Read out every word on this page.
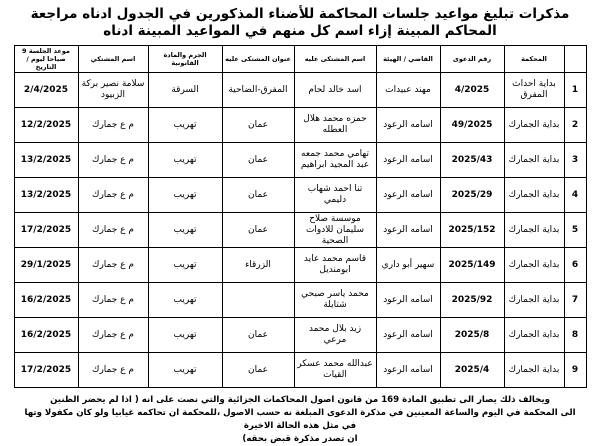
مذكرات تبليغ مواعيد جلسات المحاكمة للأضناء المذكورين في الجدول ادناه مراجعة المحاكم المبينة إزاء اسم كل منهم في المواعيد المبينة ادناه
	المحكمة	رقم الدعوى	القاضي / الهيئة	اسم المشتكى عليه	عنوان المشتكى عليه	الجرم والمادة القانونية	اسم المشتكي	موعد الجلسة 9 صباحا ليوم / التاريخ
1	بداية احداث المفرق	4/2025	مهند عبيدات	اسد خالد لحام	المفرق-الضاحية	السرقة	سلامة نصير بركة الزبيود	2/4/2025
2	بداية الجمارك	49/2025	اسامه الرعود	حمزه محمد هلال العطله	عمان	تهريب	م ع جمارك	12/2/2025
3	بداية الجمارك	2025/43	اسامه الرعود	تهامي محمد جمعه عبد المجيد ابراهيم	عمان	تهريب	م ع جمارك	13/2/2025
4	بداية الجمارك	2025/29	اسامه الرعود	تنا احمد شهاب دليمي	عمان	تهريب	م ع جمارك	13/2/2025
5	بداية الجمارك	2025/152	اسامه الرعود	موسسة صلاح سليمان للادوات الصحية	عمان	تهريب	م ع جمارك	17/2/2025
6	بداية الجمارك	2025/149	سهير أبو داري	قاسم محمد عايد ابومنديل	الزرقاء	تهريب	م ع جمارك	29/1/2025
7	بداية الجمارك	2025/92	اسامه الرعود	محمد ياسر صبحي شتايلة		تهريب	م ع جمارك	16/2/2025
8	بداية الجمارك	2025/8	اسامه الرعود	زيد بلال محمد مرعي	عمان	تهريب	م ع جمارك	16/2/2025
9	بداية الجمارك	2025/4	اسامه الرعود	عبدالله محمد عسكر القيات	عمان	تهريب	م ع جمارك	17/2/2025
ويخالف ذلك يصار الى تطبيق المادة 169 من قانون اصول المحاكمات الجزائية والتي نصت على انه ( اذا لم يحضر الظنين
الى المحكمة في اليوم والساعة المعينين في مذكرة الدعوى المبلغة نه حسب الاصول ،للمحكمة ان تحاكمه غيابيا ولو كان مكفولا وتها في مثل هذه الحالة الاخيرة
ان تصدر مذكرة قبض بحقه)
